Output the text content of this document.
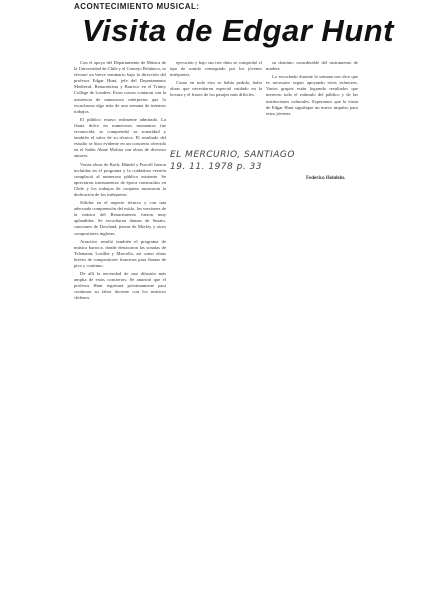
ACONTECIMIENTO MUSICAL:
Visita de Edgar Hunt

Con el apoyo del Departamento de Música de la Universidad de Chile y el Consejo Británico, se efectuó un breve seminario bajo la dirección del profesor Edgar Hunt, jefe del Departamento Medieval, Renacentista y Barroco en el Trinity College de Londres. Estos cursos contaron con la asistencia de numerosos intérpretes que lo escucharon algo más de una semana de intensos trabajos.

El público estuvo realmente admirado. La flauta dulce en numerosos momentos fue reconocida, se comprendió su sonoridad y también el valor de su técnica. El resultado del estudio se hizo evidente en un concierto ofrecido en el Salón Abate Molina con obras de diversos autores.

Varias obras de Bach, Händel y Purcell fueron incluidas en el programa y la cuidadosa versión complació al numeroso público asistente. Se apreciaron instrumentos de época construidos en Chile y los trabajos de conjunto mostraron la dedicación de los intérpretes.

Sólidas en el aspecto técnico y con una adecuada comprensión del estilo, las versiones de la música del Renacimiento fueron muy aplaudidas. Se escucharon danzas de Susato, canciones de Dowland, piezas de Morley y otros compositores ingleses.

Atractivo resultó también el programa de música barroca, donde destacaron las sonatas de Telemann, Loeillet y Marcello, así como obras breves de compositores franceses para flautas de pico y continuo.

De allí la necesidad de una difusión más amplia de estos conciertos. Se anunció que el profesor Hunt regresará próximamente para continuar su labor docente con los músicos chilenos.

ejecución y bajo sus tres dúos se comprobó el tipo de sonido conseguido por los jóvenes intérpretes.

Como en todo esto se había pedido, hubo obras que necesitaron especial cuidado en la lectura y el fraseo de los pasajes más difíciles.

su dominio considerable del instrumento de madera.

Lo escuchado durante la semana nos dice que es necesario seguir apoyando estos esfuerzos. Varios grupos están logrando resultados que merecen todo el estímulo del público y de las instituciones culturales. Esperamos que la visita de Edgar Hunt signifique un nuevo impulso para estos jóvenes.

Federico Heinlein.
EL MERCURIO, SANTIAGO
19. 11. 1978 p. 33
